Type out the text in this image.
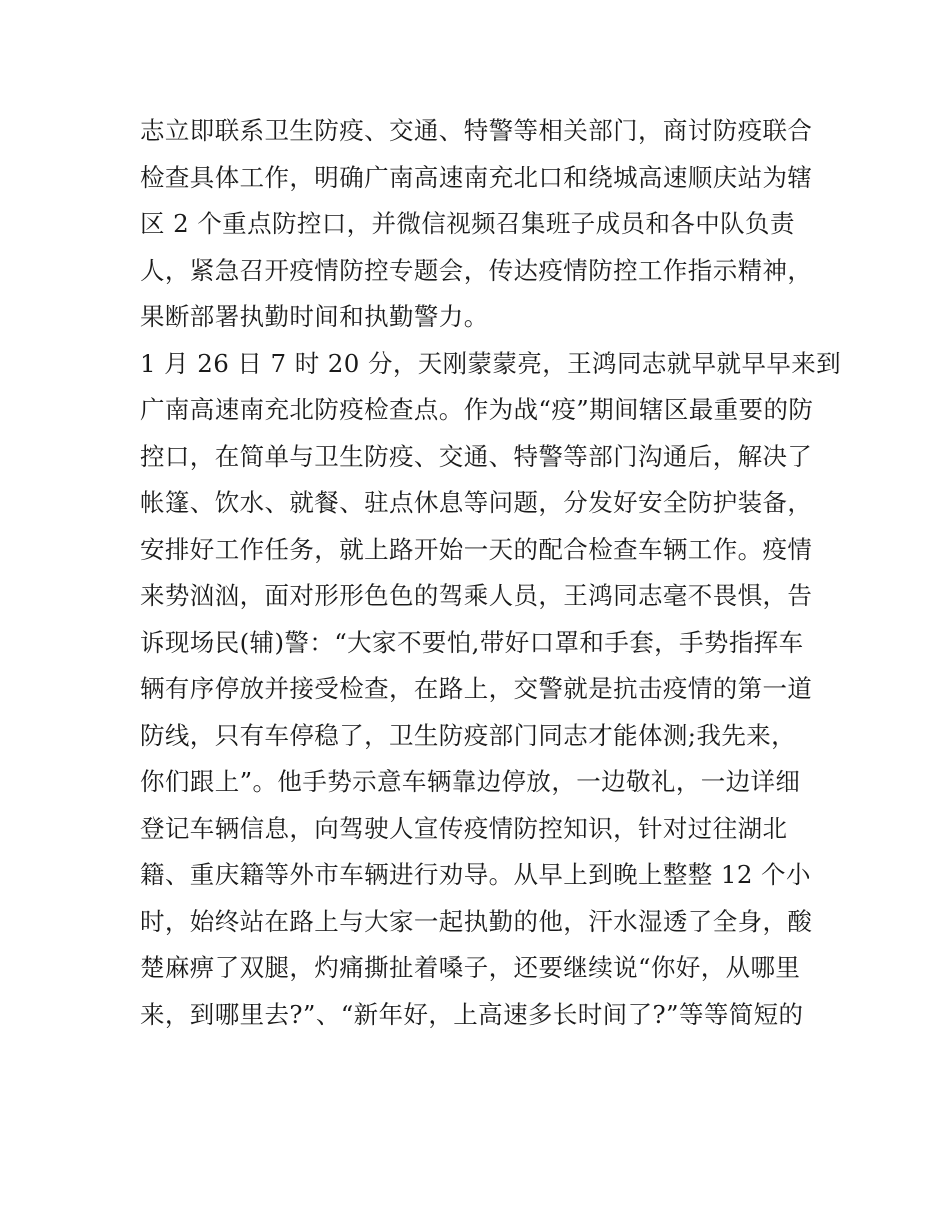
志立即联系卫生防疫、交通、特警等相关部门，商讨防疫联合
检查具体工作，明确广南高速南充北口和绕城高速顺庆站为辖
区 2 个重点防控口，并微信视频召集班子成员和各中队负责
人，紧急召开疫情防控专题会，传达疫情防控工作指示精神，
果断部署执勤时间和执勤警力。
1 月 26 日 7 时 20 分，天刚蒙蒙亮，王鸿同志就早就早早来到
广南高速南充北防疫检查点。作为战“疫”期间辖区最重要的防
控口，在简单与卫生防疫、交通、特警等部门沟通后，解决了
帐篷、饮水、就餐、驻点休息等问题，分发好安全防护装备，
安排好工作任务，就上路开始一天的配合检查车辆工作。疫情
来势汹汹，面对形形色色的驾乘人员，王鸿同志毫不畏惧，告
诉现场民(辅)警：“大家不要怕,带好口罩和手套，手势指挥车
辆有序停放并接受检查，在路上，交警就是抗击疫情的第一道
防线，只有车停稳了，卫生防疫部门同志才能体测;我先来，
你们跟上”。他手势示意车辆靠边停放，一边敬礼，一边详细
登记车辆信息，向驾驶人宣传疫情防控知识，针对过往湖北
籍、重庆籍等外市车辆进行劝导。从早上到晚上整整 12 个小
时，始终站在路上与大家一起执勤的他，汗水湿透了全身，酸
楚麻痹了双腿，灼痛撕扯着嗓子，还要继续说“你好，从哪里
来，到哪里去?”、“新年好，上高速多长时间了?”等等简短的
